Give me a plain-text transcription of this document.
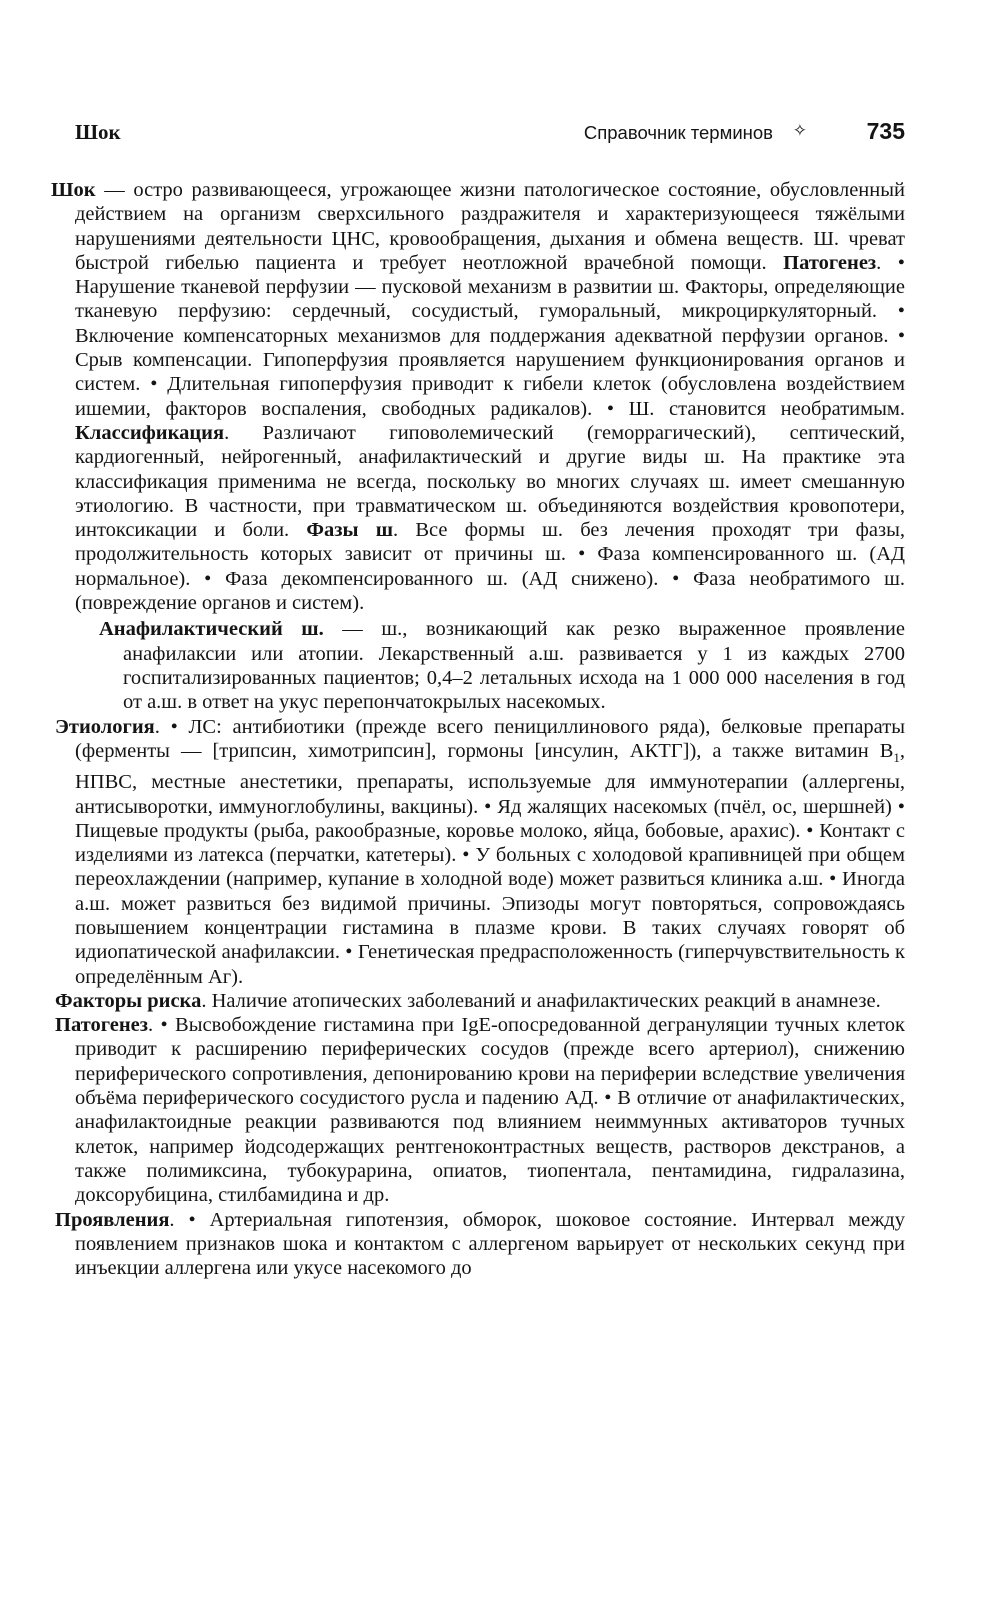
Шок	Справочник терминов ✧	735

Шок — остро развивающееся, угрожающее жизни патологическое состояние, обусловленный действием на организм сверхсильного раздражителя и характеризующееся тяжёлыми нарушениями деятельности ЦНС, кровообращения, дыхания и обмена веществ. Ш. чреват быстрой гибелью пациента и требует неотложной врачебной помощи. Патогенез. • Нарушение тканевой перфузии — пусковой механизм в развитии ш. Факторы, определяющие тканевую перфузию: сердечный, сосудистый, гуморальный, микроциркуляторный. • Включение компенсаторных механизмов для поддержания адекватной перфузии органов. • Срыв компенсации. Гипоперфузия проявляется нарушением функционирования органов и систем. • Длительная гипоперфузия приводит к гибели клеток (обусловлена воздействием ишемии, факторов воспаления, свободных радикалов). • Ш. становится необратимым. Классификация. Различают гиповолемический (геморрагический), септический, кардиогенный, нейрогенный, анафилактический и другие виды ш. На практике эта классификация применима не всегда, поскольку во многих случаях ш. имеет смешанную этиологию. В частности, при травматическом ш. объединяются воздействия кровопотери, интоксикации и боли. Фазы ш. Все формы ш. без лечения проходят три фазы, продолжительность которых зависит от причины ш. • Фаза компенсированного ш. (АД нормальное). • Фаза декомпенсированного ш. (АД снижено). • Фаза необратимого ш. (повреждение органов и систем).

Анафилактический ш. — ш., возникающий как резко выраженное проявление анафилаксии или атопии. Лекарственный а.ш. развивается у 1 из каждых 2700 госпитализированных пациентов; 0,4–2 летальных исхода на 1 000 000 населения в год от а.ш. в ответ на укус перепончатокрылых насекомых.

Этиология. • ЛС: антибиотики (прежде всего пенициллинового ряда), белковые препараты (ферменты — [трипсин, химотрипсин], гормоны [инсулин, АКТГ]), а также витамин $В_1$, НПВС, местные анестетики, препараты, используемые для иммунотерапии (аллергены, антисыворотки, иммуноглобулины, вакцины). • Яд жалящих насекомых (пчёл, ос, шершней) • Пищевые продукты (рыба, ракообразные, коровье молоко, яйца, бобовые, арахис). • Контакт с изделиями из латекса (перчатки, катетеры). • У больных с холодовой крапивницей при общем переохлаждении (например, купание в холодной воде) может развиться клиника а.ш. • Иногда а.ш. может развиться без видимой причины. Эпизоды могут повторяться, сопровождаясь повышением концентрации гистамина в плазме крови. В таких случаях говорят об идиопатической анафилаксии. • Генетическая предрасположенность (гиперчувствительность к определённым Аг).

Факторы риска. Наличие атопических заболеваний и анафилактических реакций в анамнезе.

Патогенез. • Высвобождение гистамина при IgE-опосредованной дегрануляции тучных клеток приводит к расширению периферических сосудов (прежде всего артериол), снижению периферического сопротивления, депонированию крови на периферии вследствие увеличения объёма периферического сосудистого русла и падению АД. • В отличие от анафилактических, анафилактоидные реакции развиваются под влиянием неиммунных активаторов тучных клеток, например йодсодержащих рентгеноконтрастных веществ, растворов декстранов, а также полимиксина, тубокурарина, опиатов, тиопентала, пентамидина, гидралазина, доксорубицина, стилбамидина и др.

Проявления. • Артериальная гипотензия, обморок, шоковое состояние. Интервал между появлением признаков шока и контактом с аллергеном варьирует от нескольких секунд при инъекции аллергена или укусе насекомого до
